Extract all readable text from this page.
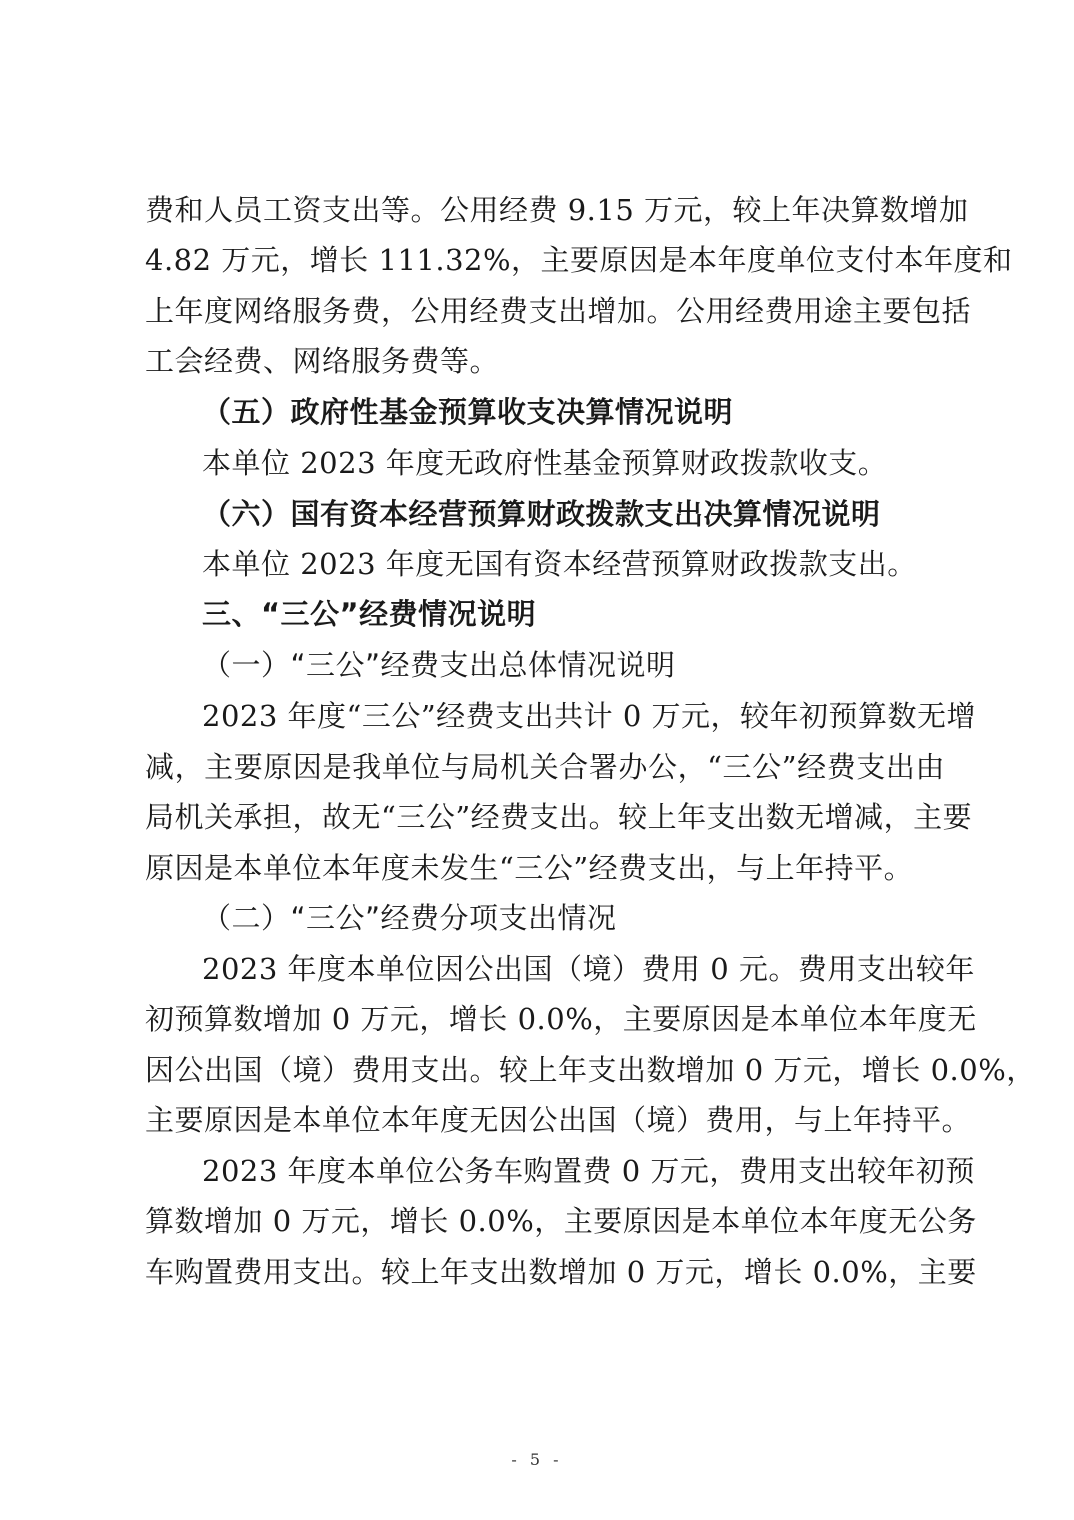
费和人员工资支出等。公用经费 9.15 万元，较上年决算数增加
4.82 万元，增长 111.32%，主要原因是本年度单位支付本年度和
上年度网络服务费，公用经费支出增加。公用经费用途主要包括
工会经费、网络服务费等。
（五）政府性基金预算收支决算情况说明
本单位 2023 年度无政府性基金预算财政拨款收支。
（六）国有资本经营预算财政拨款支出决算情况说明
本单位 2023 年度无国有资本经营预算财政拨款支出。
三、“三公”经费情况说明
（一）“三公”经费支出总体情况说明
2023 年度“三公”经费支出共计 0 万元，较年初预算数无增
减，主要原因是我单位与局机关合署办公，“三公”经费支出由
局机关承担，故无“三公”经费支出。较上年支出数无增减，主要
原因是本单位本年度未发生“三公”经费支出，与上年持平。
（二）“三公”经费分项支出情况
2023 年度本单位因公出国（境）费用 0 元。费用支出较年
初预算数增加 0 万元，增长 0.0%，主要原因是本单位本年度无
因公出国（境）费用支出。较上年支出数增加 0 万元，增长 0.0%，
主要原因是本单位本年度无因公出国（境）费用，与上年持平。
2023 年度本单位公务车购置费 0 万元，费用支出较年初预
算数增加 0 万元，增长 0.0%，主要原因是本单位本年度无公务
车购置费用支出。较上年支出数增加 0 万元，增长 0.0%，主要
- 5 -
